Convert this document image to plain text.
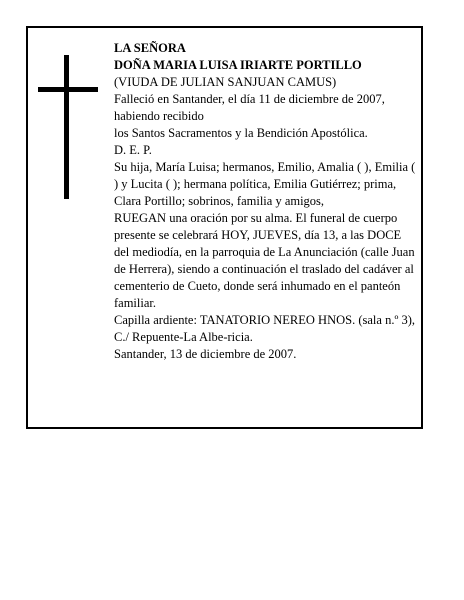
LA SEÑORA

DOÑA MARIA LUISA IRIARTE PORTILLO

(VIUDA DE JULIAN SANJUAN CAMUS)

Falleció en Santander, el día 11 de diciembre de 2007, habiendo recibido

los Santos Sacramentos y la Bendición Apostólica.

D. E. P.

Su hija, María Luisa; hermanos, Emilio, Amalia ( ), Emilia ( ) y Lucita ( ); hermana política, Emilia Gutiérrez; prima, Clara Portillo; sobrinos, familia y amigos,

RUEGAN una oración por su alma. El funeral de cuerpo presente se celebrará HOY, JUEVES, día 13, a las DOCE del mediodía, en la parroquia de La Anunciación (calle Juan de Herrera), siendo a continuación el traslado del cadáver al cementerio de Cueto, donde será inhumado en el panteón familiar.

Capilla ardiente: TANATORIO NEREO HNOS. (sala n.º 3), C./ Repuente-La Albe-ricia.

Santander, 13 de diciembre de 2007.
